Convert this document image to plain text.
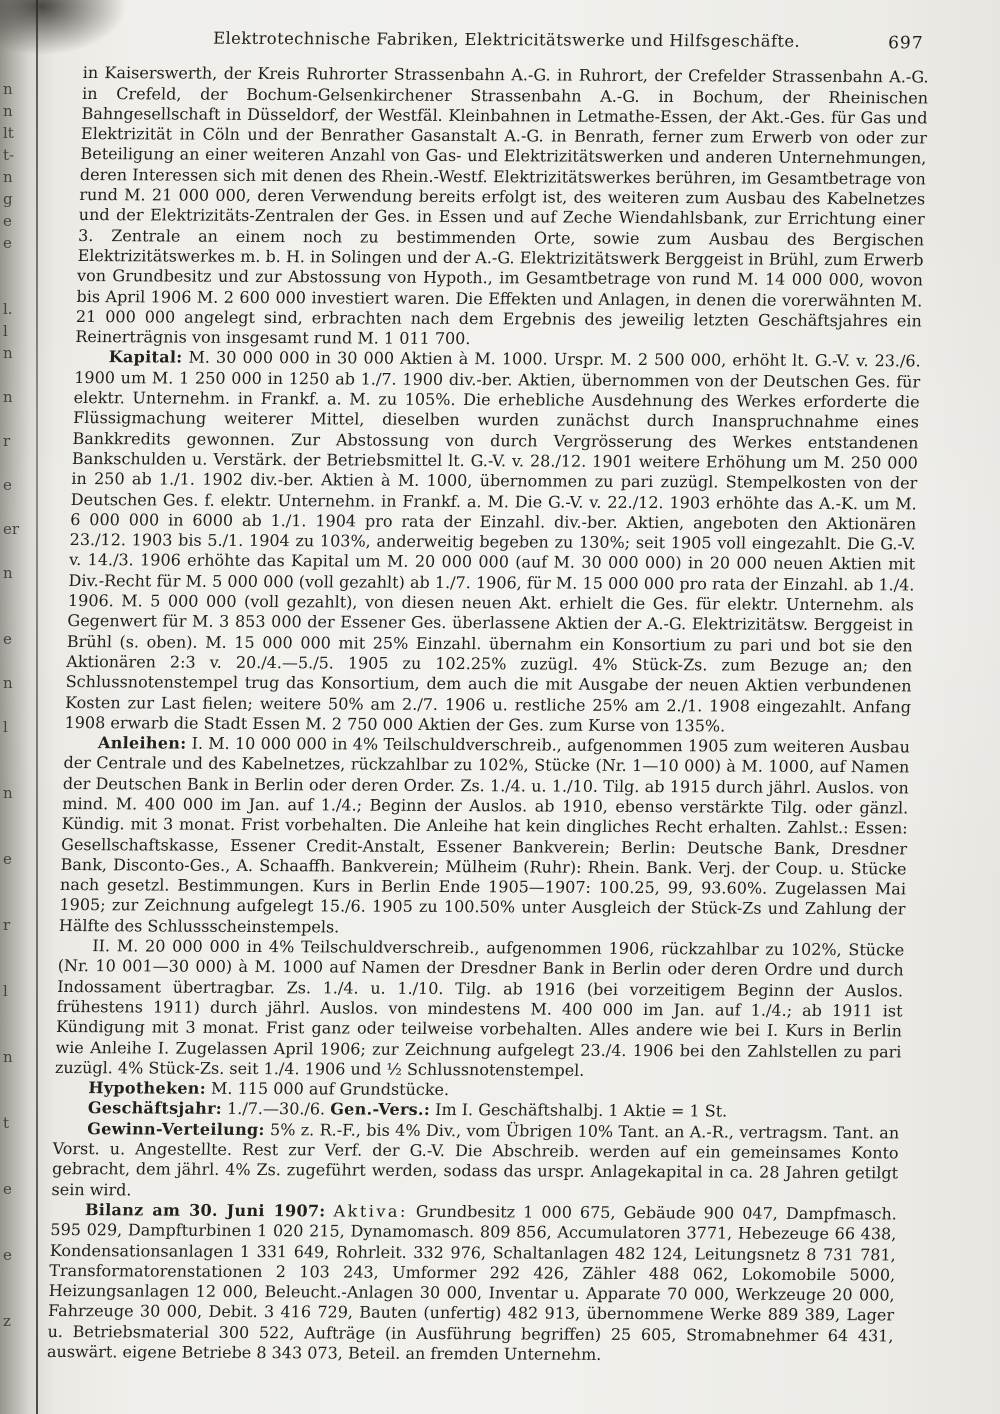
n
n
lt
t-
n
g
e
e
l.
l
n
n
r
e
er
n
e
n
l
n
e
r
l
n
t
e
e
z
Elektrotechnische Fabriken, Elektricitätswerke und Hilfsgeschäfte.	697

in Kaiserswerth, der Kreis Ruhrorter Strassenbahn A.-G. in Ruhrort, der Crefelder Strassenbahn A.-G. in Crefeld, der Bochum-Gelsenkirchener Strassenbahn A.-G. in Bochum, der Rheinischen Bahngesellschaft in Düsseldorf, der Westfäl. Kleinbahnen in Letmathe-Essen, der Akt.-Ges. für Gas und Elektrizität in Cöln und der Benrather Gasanstalt A.-G. in Benrath, ferner zum Erwerb von oder zur Beteiligung an einer weiteren Anzahl von Gas- und Elektrizitätswerken und anderen Unternehmungen, deren Interessen sich mit denen des Rhein.-Westf. Elektrizitätswerkes berühren, im Gesamtbetrage von rund M. 21 000 000, deren Verwendung bereits erfolgt ist, des weiteren zum Ausbau des Kabelnetzes und der Elektrizitäts-Zentralen der Ges. in Essen und auf Zeche Wiendahlsbank, zur Errichtung einer 3. Zentrale an einem noch zu bestimmenden Orte, sowie zum Ausbau des Bergischen Elektrizitätswerkes m. b. H. in Solingen und der A.-G. Elektrizitätswerk Berggeist in Brühl, zum Erwerb von Grundbesitz und zur Abstossung von Hypoth., im Gesamtbetrage von rund M. 14 000 000, wovon bis April 1906 M. 2 600 000 investiert waren. Die Effekten und Anlagen, in denen die vorerwähnten M. 21 000 000 angelegt sind, erbrachten nach dem Ergebnis des jeweilig letzten Geschäftsjahres ein Reinerträgnis von insgesamt rund M. 1 011 700.

Kapital: M. 30 000 000 in 30 000 Aktien à M. 1000. Urspr. M. 2 500 000, erhöht lt. G.-V. v. 23./6. 1900 um M. 1 250 000 in 1250 ab 1./7. 1900 div.-ber. Aktien, übernommen von der Deutschen Ges. für elektr. Unternehm. in Frankf. a. M. zu 105%. Die erhebliche Ausdehnung des Werkes erforderte die Flüssigmachung weiterer Mittel, dieselben wurden zunächst durch Inanspruchnahme eines Bankkredits gewonnen. Zur Abstossung von durch Vergrösserung des Werkes entstandenen Bankschulden u. Verstärk. der Betriebsmittel lt. G.-V. v. 28./12. 1901 weitere Erhöhung um M. 250 000 in 250 ab 1./1. 1902 div.-ber. Aktien à M. 1000, übernommen zu pari zuzügl. Stempelkosten von der Deutschen Ges. f. elektr. Unternehm. in Frankf. a. M. Die G.-V. v. 22./12. 1903 erhöhte das A.-K. um M. 6 000 000 in 6000 ab 1./1. 1904 pro rata der Einzahl. div.-ber. Aktien, angeboten den Aktionären 23./12. 1903 bis 5./1. 1904 zu 103%, anderweitig begeben zu 130%; seit 1905 voll eingezahlt. Die G.-V. v. 14./3. 1906 erhöhte das Kapital um M. 20 000 000 (auf M. 30 000 000) in 20 000 neuen Aktien mit Div.-Recht für M. 5 000 000 (voll gezahlt) ab 1./7. 1906, für M. 15 000 000 pro rata der Einzahl. ab 1./4. 1906. M. 5 000 000 (voll gezahlt), von diesen neuen Akt. erhielt die Ges. für elektr. Unternehm. als Gegenwert für M. 3 853 000 der Essener Ges. überlassene Aktien der A.-G. Elektrizitätsw. Berggeist in Brühl (s. oben). M. 15 000 000 mit 25% Einzahl. übernahm ein Konsortium zu pari und bot sie den Aktionären 2:3 v. 20./4.—5./5. 1905 zu 102.25% zuzügl. 4% Stück-Zs. zum Bezuge an; den Schlussnotenstempel trug das Konsortium, dem auch die mit Ausgabe der neuen Aktien verbundenen Kosten zur Last fielen; weitere 50% am 2./7. 1906 u. restliche 25% am 2./1. 1908 eingezahlt. Anfang 1908 erwarb die Stadt Essen M. 2 750 000 Aktien der Ges. zum Kurse von 135%.

Anleihen: I. M. 10 000 000 in 4% Teilschuldverschreib., aufgenommen 1905 zum weiteren Ausbau der Centrale und des Kabelnetzes, rückzahlbar zu 102%, Stücke (Nr. 1—10 000) à M. 1000, auf Namen der Deutschen Bank in Berlin oder deren Order. Zs. 1./4. u. 1./10. Tilg. ab 1915 durch jährl. Auslos. von mind. M. 400 000 im Jan. auf 1./4.; Beginn der Auslos. ab 1910, ebenso verstärkte Tilg. oder gänzl. Kündig. mit 3 monat. Frist vorbehalten. Die Anleihe hat kein dingliches Recht erhalten. Zahlst.: Essen: Gesellschaftskasse, Essener Credit-Anstalt, Essener Bankverein; Berlin: Deutsche Bank, Dresdner Bank, Disconto-Ges., A. Schaaffh. Bankverein; Mülheim (Ruhr): Rhein. Bank. Verj. der Coup. u. Stücke nach gesetzl. Bestimmungen. Kurs in Berlin Ende 1905—1907: 100.25, 99, 93.60%. Zugelassen Mai 1905; zur Zeichnung aufgelegt 15./6. 1905 zu 100.50% unter Ausgleich der Stück-Zs und Zahlung der Hälfte des Schlussscheinstempels.

II. M. 20 000 000 in 4% Teilschuldverschreib., aufgenommen 1906, rückzahlbar zu 102%, Stücke (Nr. 10 001—30 000) à M. 1000 auf Namen der Dresdner Bank in Berlin oder deren Ordre und durch Indossament übertragbar. Zs. 1./4. u. 1./10. Tilg. ab 1916 (bei vorzeitigem Beginn der Auslos. frühestens 1911) durch jährl. Auslos. von mindestens M. 400 000 im Jan. auf 1./4.; ab 1911 ist Kündigung mit 3 monat. Frist ganz oder teilweise vorbehalten. Alles andere wie bei I. Kurs in Berlin wie Anleihe I. Zugelassen April 1906; zur Zeichnung aufgelegt 23./4. 1906 bei den Zahlstellen zu pari zuzügl. 4% Stück-Zs. seit 1./4. 1906 und ½ Schlussnotenstempel.

Hypotheken: M. 115 000 auf Grundstücke.

Geschäftsjahr: 1./7.—30./6. Gen.-Vers.: Im I. Geschäftshalbj. 1 Aktie = 1 St.

Gewinn-Verteilung: 5% z. R.-F., bis 4% Div., vom Übrigen 10% Tant. an A.-R., vertragsm. Tant. an Vorst. u. Angestellte. Rest zur Verf. der G.-V. Die Abschreib. werden auf ein gemeinsames Konto gebracht, dem jährl. 4% Zs. zugeführt werden, sodass das urspr. Anlagekapital in ca. 28 Jahren getilgt sein wird.

Bilanz am 30. Juni 1907: Aktiva: Grundbesitz 1 000 675, Gebäude 900 047, Dampfmasch. 595 029, Dampfturbinen 1 020 215, Dynamomasch. 809 856, Accumulatoren 3771, Hebezeuge 66 438, Kondensationsanlagen 1 331 649, Rohrleit. 332 976, Schaltanlagen 482 124, Leitungsnetz 8 731 781, Transformatorenstationen 2 103 243, Umformer 292 426, Zähler 488 062, Lokomobile 5000, Heizungsanlagen 12 000, Beleucht.-Anlagen 30 000, Inventar u. Apparate 70 000, Werkzeuge 20 000, Fahrzeuge 30 000, Debit. 3 416 729, Bauten (unfertig) 482 913, übernommene Werke 889 389, Lager u. Betriebsmaterial 300 522, Aufträge (in Ausführung begriffen) 25 605, Stromabnehmer 64 431, auswärt. eigene Betriebe 8 343 073, Beteil. an fremden Unternehm.
